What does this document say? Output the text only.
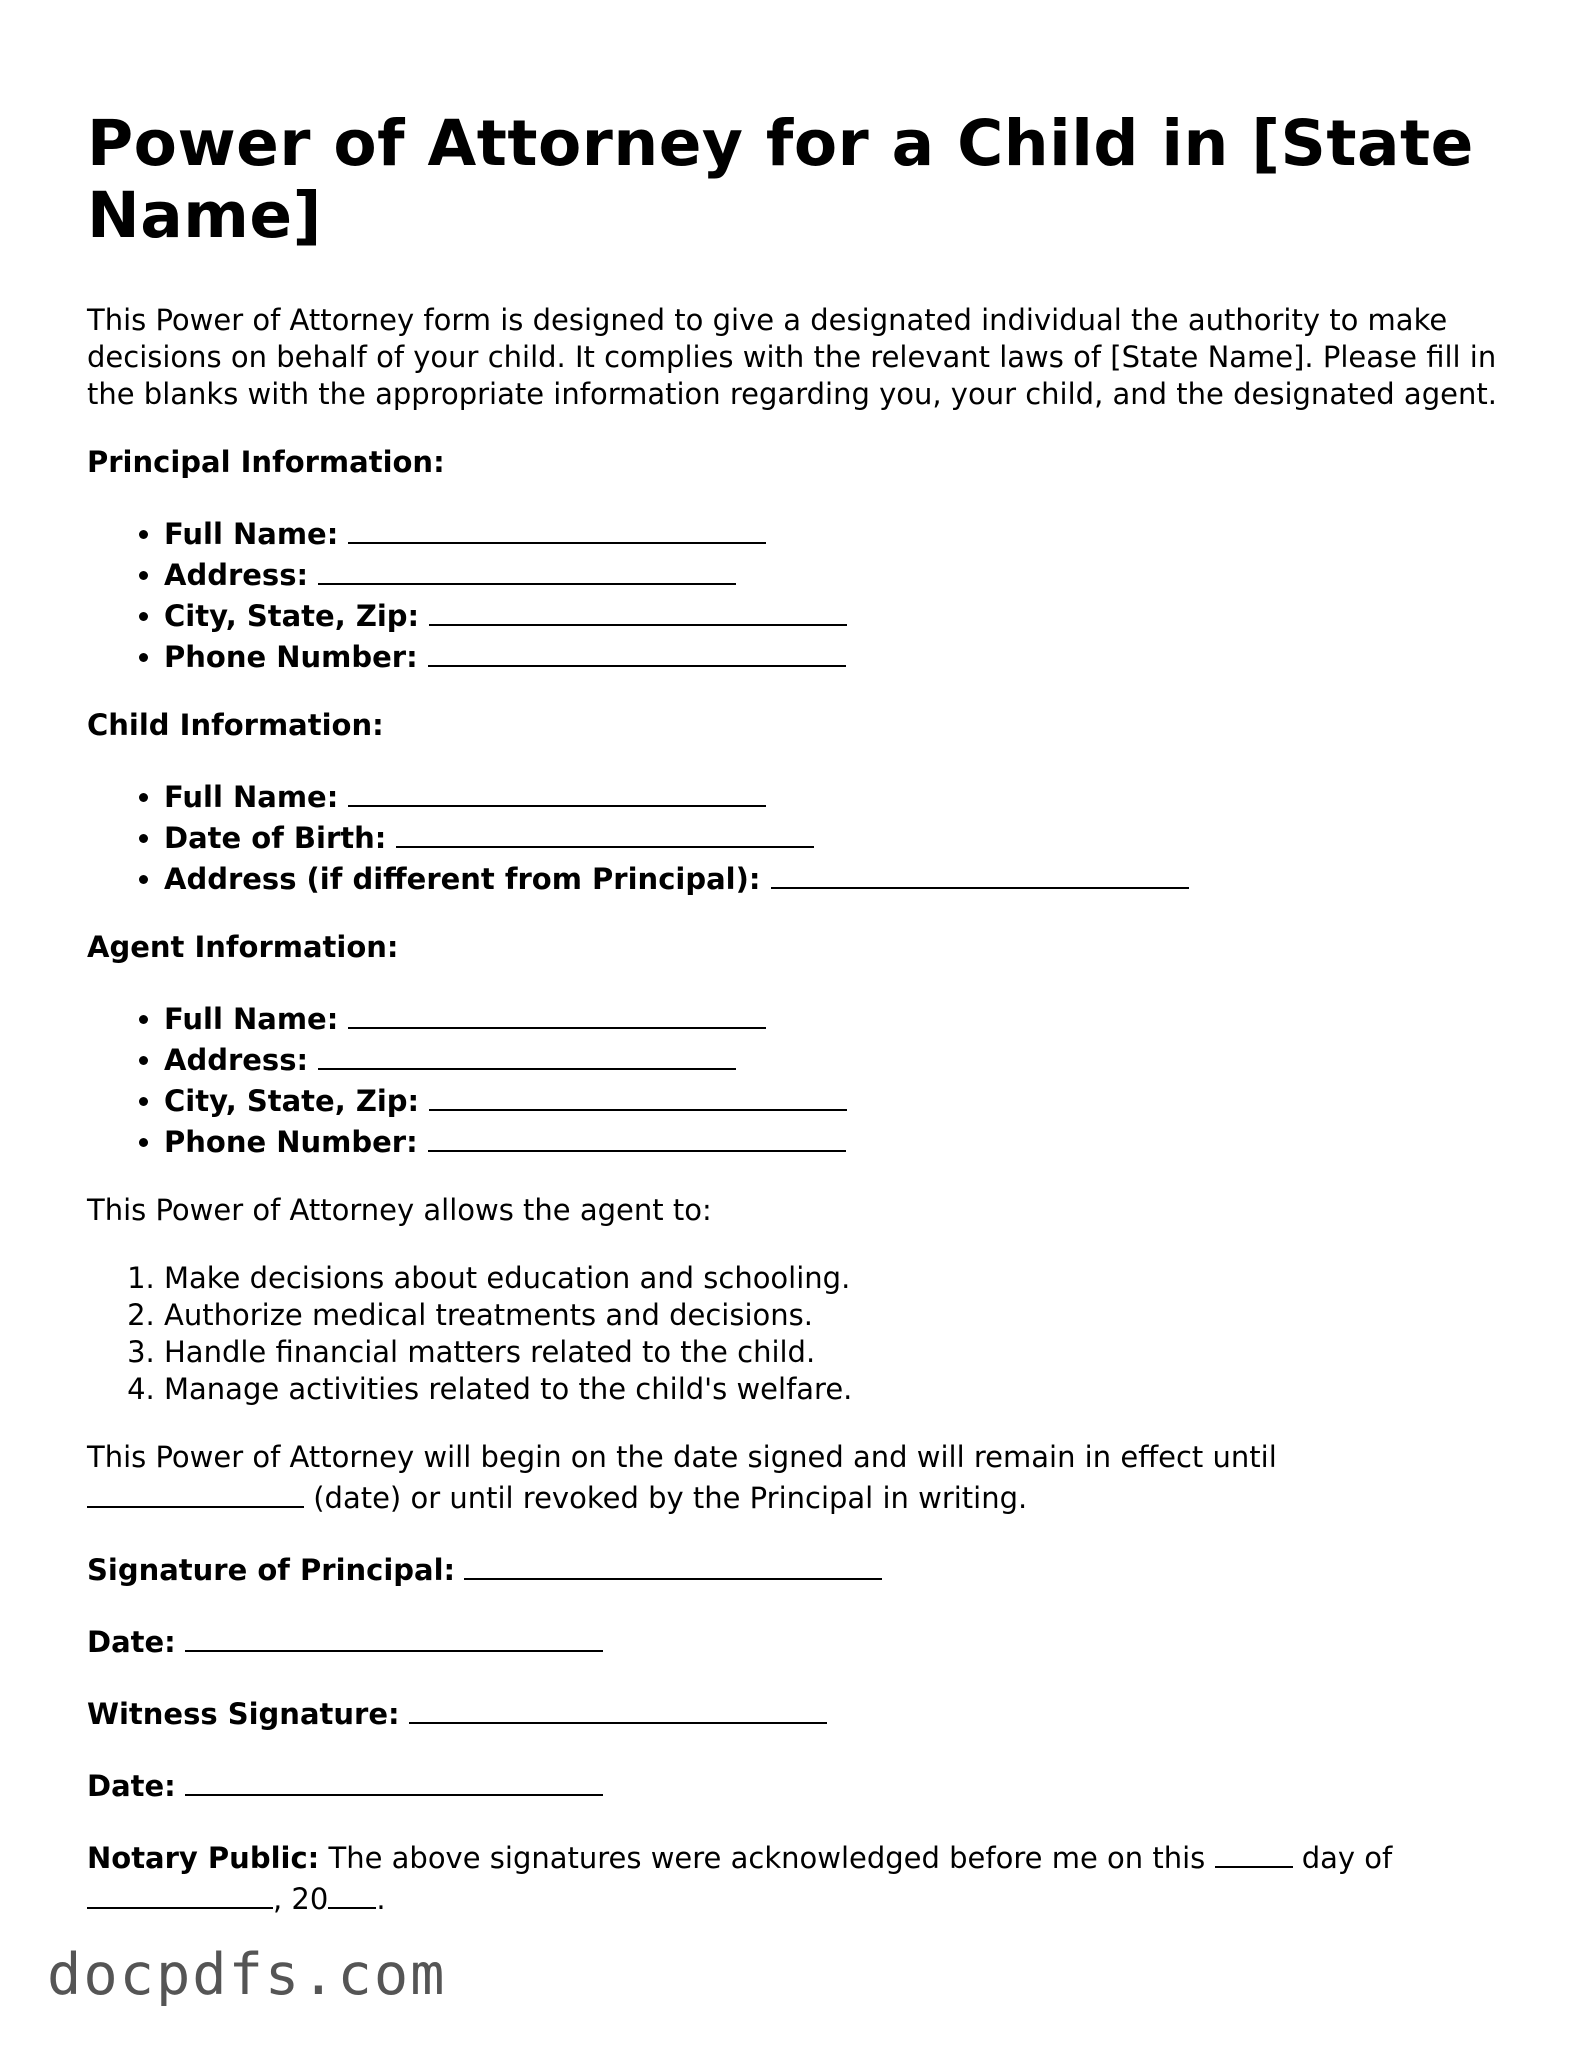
Power of Attorney for a Child in [State Name]

This Power of Attorney form is designed to give a designated individual the authority to make decisions on behalf of your child. It complies with the relevant laws of [State Name]. Please fill in the blanks with the appropriate information regarding you, your child, and the designated agent.

Principal Information:

• Full Name:
• Address:
• City, State, Zip:
• Phone Number:

Child Information:

• Full Name:
• Date of Birth:
• Address (if different from Principal):

Agent Information:

• Full Name:
• Address:
• City, State, Zip:
• Phone Number:

This Power of Attorney allows the agent to:

1. Make decisions about education and schooling.
2. Authorize medical treatments and decisions.
3. Handle financial matters related to the child.
4. Manage activities related to the child's welfare.

This Power of Attorney will begin on the date signed and will remain in effect until
(date) or until revoked by the Principal in writing.

Signature of Principal:

Date:

Witness Signature:

Date:

Notary Public: The above signatures were acknowledged before me on this	day of
, 20 .

docpdfs.com
